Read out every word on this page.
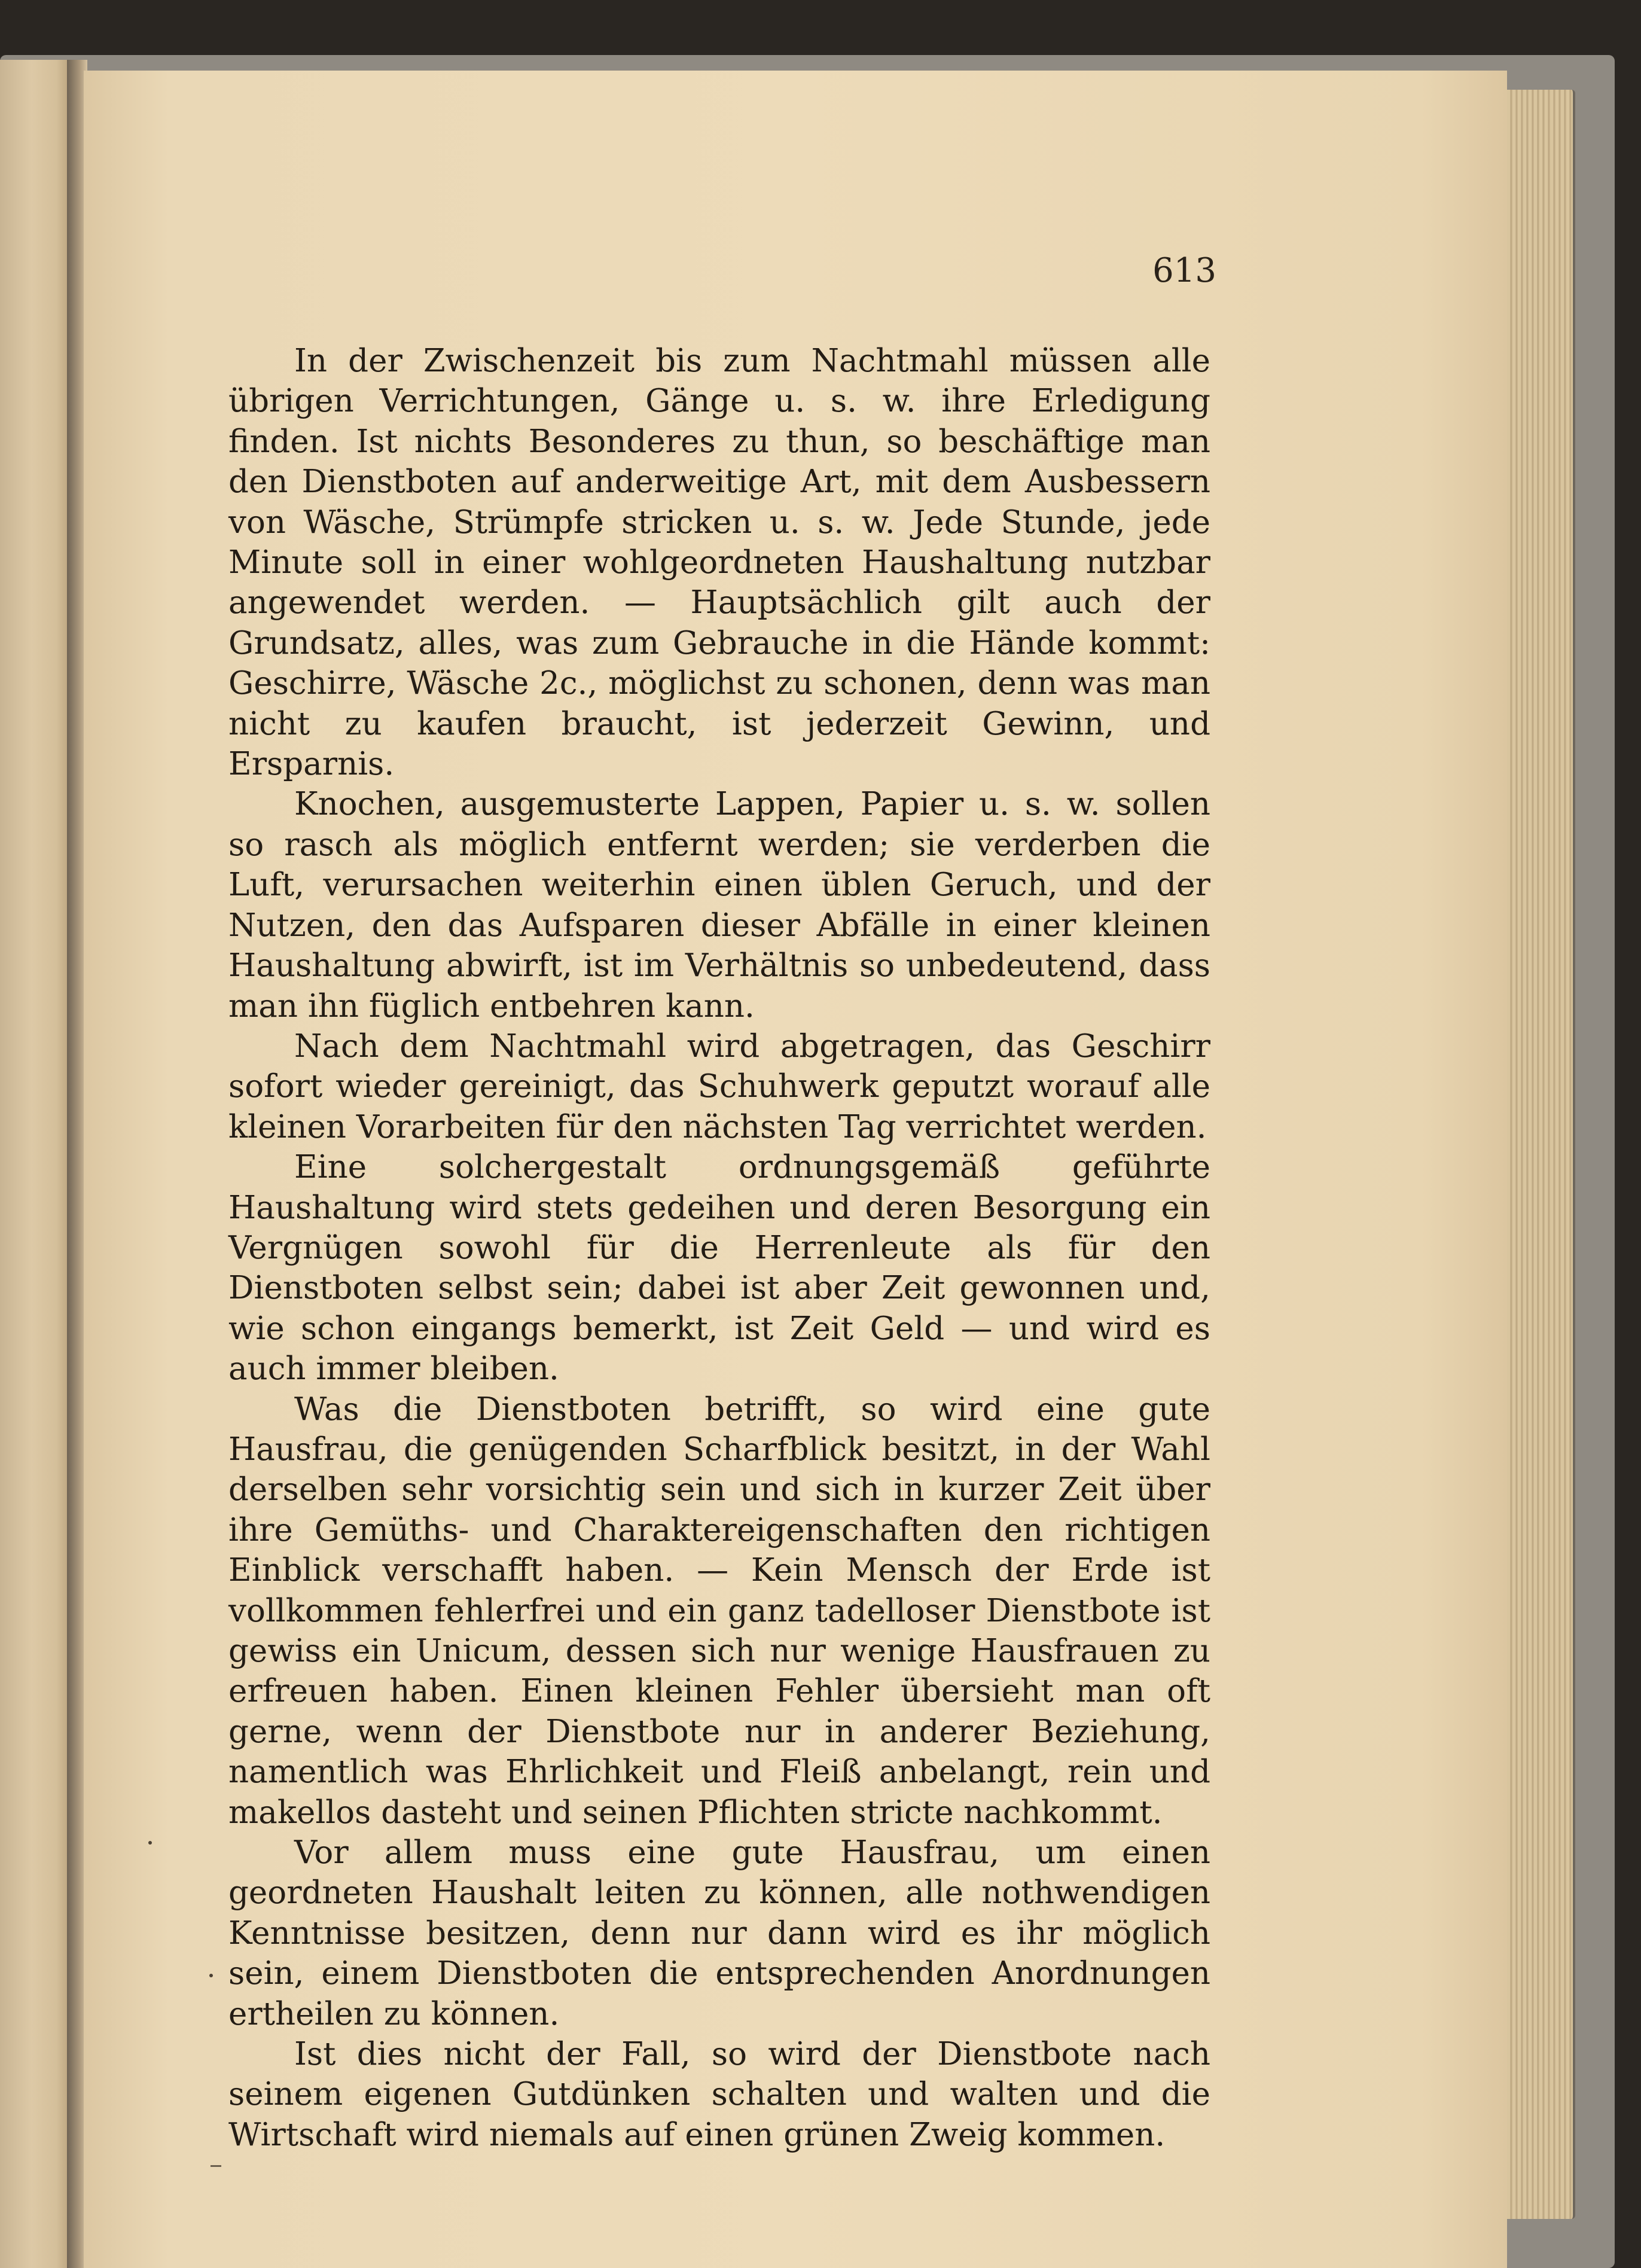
613

In der Zwischenzeit bis zum Nachtmahl müssen alle übrigen Verrichtungen, Gänge u. s. w. ihre Erledigung finden. Ist nichts Besonderes zu thun, so beschäftige man den Dienstboten auf anderweitige Art, mit dem Ausbessern von Wäsche, Strümpfe stricken u. s. w. Jede Stunde, jede Minute soll in einer wohlgeordneten Haushaltung nutzbar angewendet werden. — Hauptsächlich gilt auch der Grundsatz, alles, was zum Gebrauche in die Hände kommt: Geschirre, Wäsche 2c., möglichst zu schonen, denn was man nicht zu kaufen braucht, ist jederzeit Gewinn, und Ersparnis.

Knochen, ausgemusterte Lappen, Papier u. s. w. sollen so rasch als möglich entfernt werden; sie verderben die Luft, verursachen weiterhin einen üblen Geruch, und der Nutzen, den das Aufsparen dieser Abfälle in einer kleinen Haushaltung abwirft, ist im Verhältnis so unbedeutend, dass man ihn füglich entbehren kann.

Nach dem Nachtmahl wird abgetragen, das Geschirr sofort wieder gereinigt, das Schuhwerk geputzt worauf alle kleinen Vorarbeiten für den nächsten Tag verrichtet werden.

Eine solchergestalt ordnungsgemäß geführte Haushaltung wird stets gedeihen und deren Besorgung ein Vergnügen sowohl für die Herrenleute als für den Dienstboten selbst sein; dabei ist aber Zeit gewonnen und, wie schon eingangs bemerkt, ist Zeit Geld — und wird es auch immer bleiben.

Was die Dienstboten betrifft, so wird eine gute Hausfrau, die genügenden Scharfblick besitzt, in der Wahl derselben sehr vorsichtig sein und sich in kurzer Zeit über ihre Gemüths- und Charaktereigenschaften den richtigen Einblick verschafft haben. — Kein Mensch der Erde ist vollkommen fehlerfrei und ein ganz tadelloser Dienstbote ist gewiss ein Unicum, dessen sich nur wenige Hausfrauen zu erfreuen haben. Einen kleinen Fehler übersieht man oft gerne, wenn der Dienstbote nur in anderer Beziehung, namentlich was Ehrlichkeit und Fleiß anbelangt, rein und makellos dasteht und seinen Pflichten stricte nachkommt.

Vor allem muss eine gute Hausfrau, um einen geordneten Haushalt leiten zu können, alle nothwendigen Kenntnisse besitzen, denn nur dann wird es ihr möglich sein, einem Dienstboten die entsprechenden Anordnungen ertheilen zu können.

Ist dies nicht der Fall, so wird der Dienstbote nach seinem eigenen Gutdünken schalten und walten und die Wirtschaft wird niemals auf einen grünen Zweig kommen.
